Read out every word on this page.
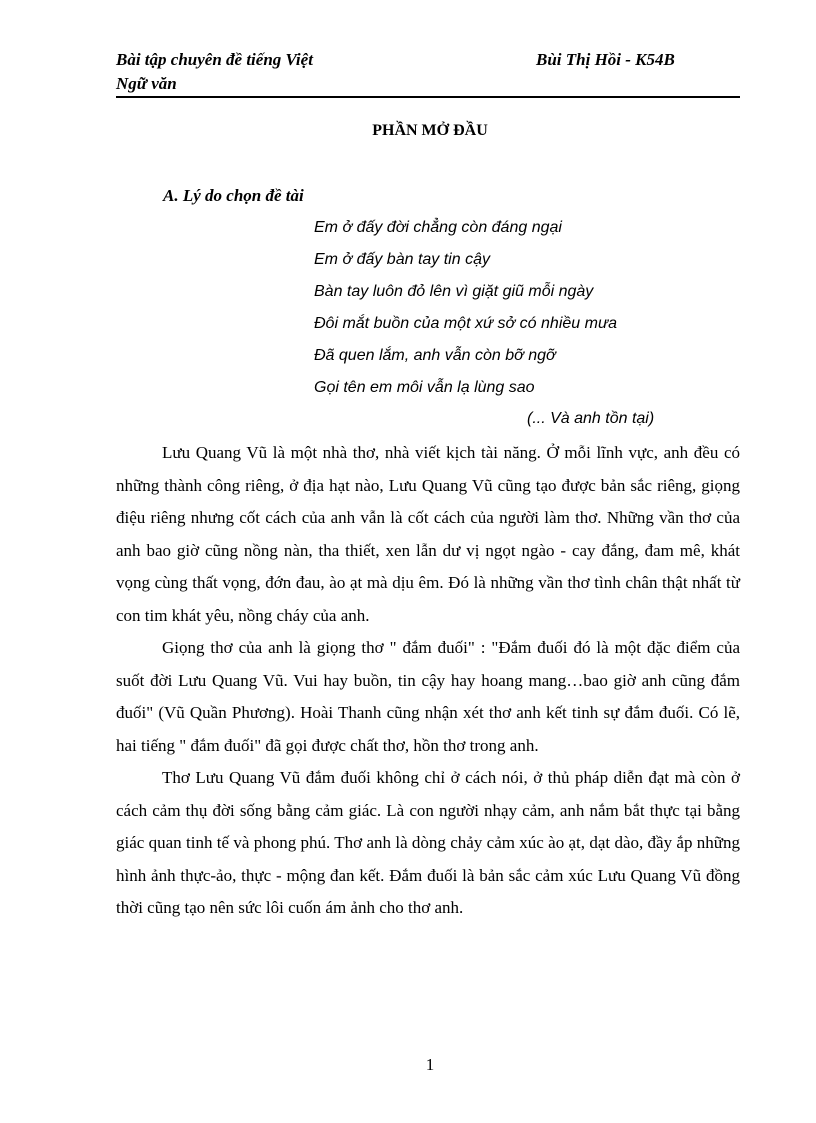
Bài tập chuyên đề tiếng Việt
Ngữ văn
Bùi Thị Hồi - K54B
PHẦN MỞ ĐẦU
A. Lý do chọn đề tài
Em ở đấy đời chẳng còn đáng ngại
Em ở đấy bàn tay tin cậy
Bàn tay luôn đỏ lên vì giặt giũ mỗi ngày
Đôi mắt buồn của một xứ sở có nhiều mưa
Đã quen lắm, anh vẫn còn bỡ ngỡ
Gọi tên em môi vẫn lạ lùng sao
(... Và anh tồn tại)

Lưu Quang Vũ là một nhà thơ, nhà viết kịch tài năng. Ở mỗi lĩnh vực, anh đều có những thành công riêng, ở địa hạt nào, Lưu Quang Vũ cũng tạo được bản sắc riêng, giọng điệu riêng nhưng cốt cách của anh vẫn là cốt cách của người làm thơ. Những vần thơ của anh bao giờ cũng nồng nàn, tha thiết, xen lẫn dư vị ngọt ngào - cay đắng, đam mê, khát vọng cùng thất vọng, đớn đau, ào ạt mà dịu êm. Đó là những vần thơ tình chân thật nhất từ con tim khát yêu, nồng cháy của anh.

Giọng thơ của anh là giọng thơ " đắm đuối" : "Đắm đuối đó là một đặc điểm của suốt đời Lưu Quang Vũ. Vui hay buồn, tin cậy hay hoang mang…bao giờ anh cũng đắm đuối" (Vũ Quần Phương). Hoài Thanh cũng nhận xét thơ anh kết tinh sự đắm đuối. Có lẽ, hai tiếng " đắm đuối" đã gọi được chất thơ, hồn thơ trong anh.

Thơ Lưu Quang Vũ đắm đuối không chỉ ở cách nói, ở thủ pháp diễn đạt mà còn ở cách cảm thụ đời sống bằng cảm giác. Là con người nhạy cảm, anh nắm bắt thực tại bằng giác quan tinh tế và phong phú. Thơ anh là dòng chảy cảm xúc ào ạt, dạt dào, đầy ắp những hình ảnh thực-ảo, thực - mộng đan kết. Đắm đuối là bản sắc cảm xúc Lưu Quang Vũ đồng thời cũng tạo nên sức lôi cuốn ám ảnh cho thơ anh.

1
